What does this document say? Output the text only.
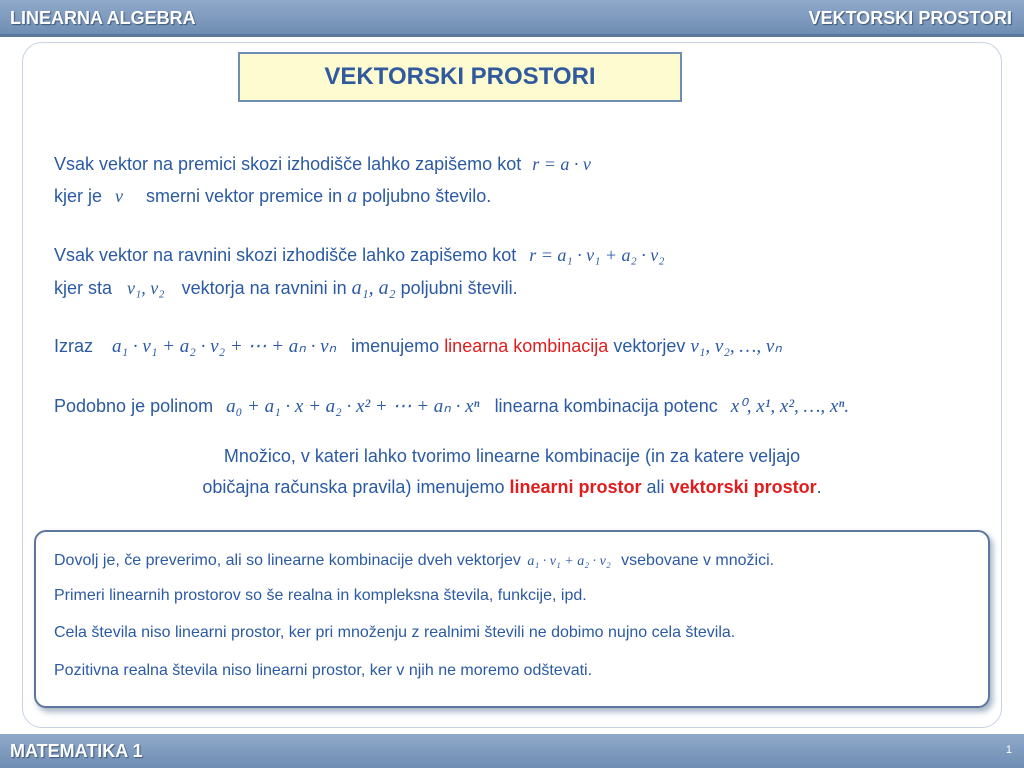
LINEARNA ALGEBRA	VEKTORSKI PROSTORI
VEKTORSKI PROSTORI
Vsak vektor na premici skozi izhodišče lahko zapišemo kot r = a · v
kjer je v smerni vektor premice in a poljubno število.
Vsak vektor na ravnini skozi izhodišče lahko zapišemo kot r = a₁ · v₁ + a₂ · v₂
kjer sta v₁, v₂ vektorja na ravnini in a₁, a₂ poljubni števili.
Izraz a₁ · v₁ + a₂ · v₂ + ⋯ + aₙ · vₙ imenujemo linearna kombinacija vektorjev v₁, v₂, …, vₙ
Podobno je polinom a₀ + a₁ · x + a₂ · x² + ⋯ + aₙ · xⁿ linearna kombinacija potenc x⁰, x¹, x², …, xⁿ.
Množico, v kateri lahko tvorimo linearne kombinacije (in za katere veljajo
običajna računska pravila) imenujemo linearni prostor ali vektorski prostor.
Dovolj je, če preverimo, ali so linearne kombinacije dveh vektorjev a₁ · v₁ + a₂ · v₂ vsebovane v množici.
Primeri linearnih prostorov so še realna in kompleksna števila, funkcije, ipd.
Cela števila niso linearni prostor, ker pri množenju z realnimi števili ne dobimo nujno cela števila.
Pozitivna realna števila niso linearni prostor, ker v njih ne moremo odštevati.
MATEMATIKA 1	1
